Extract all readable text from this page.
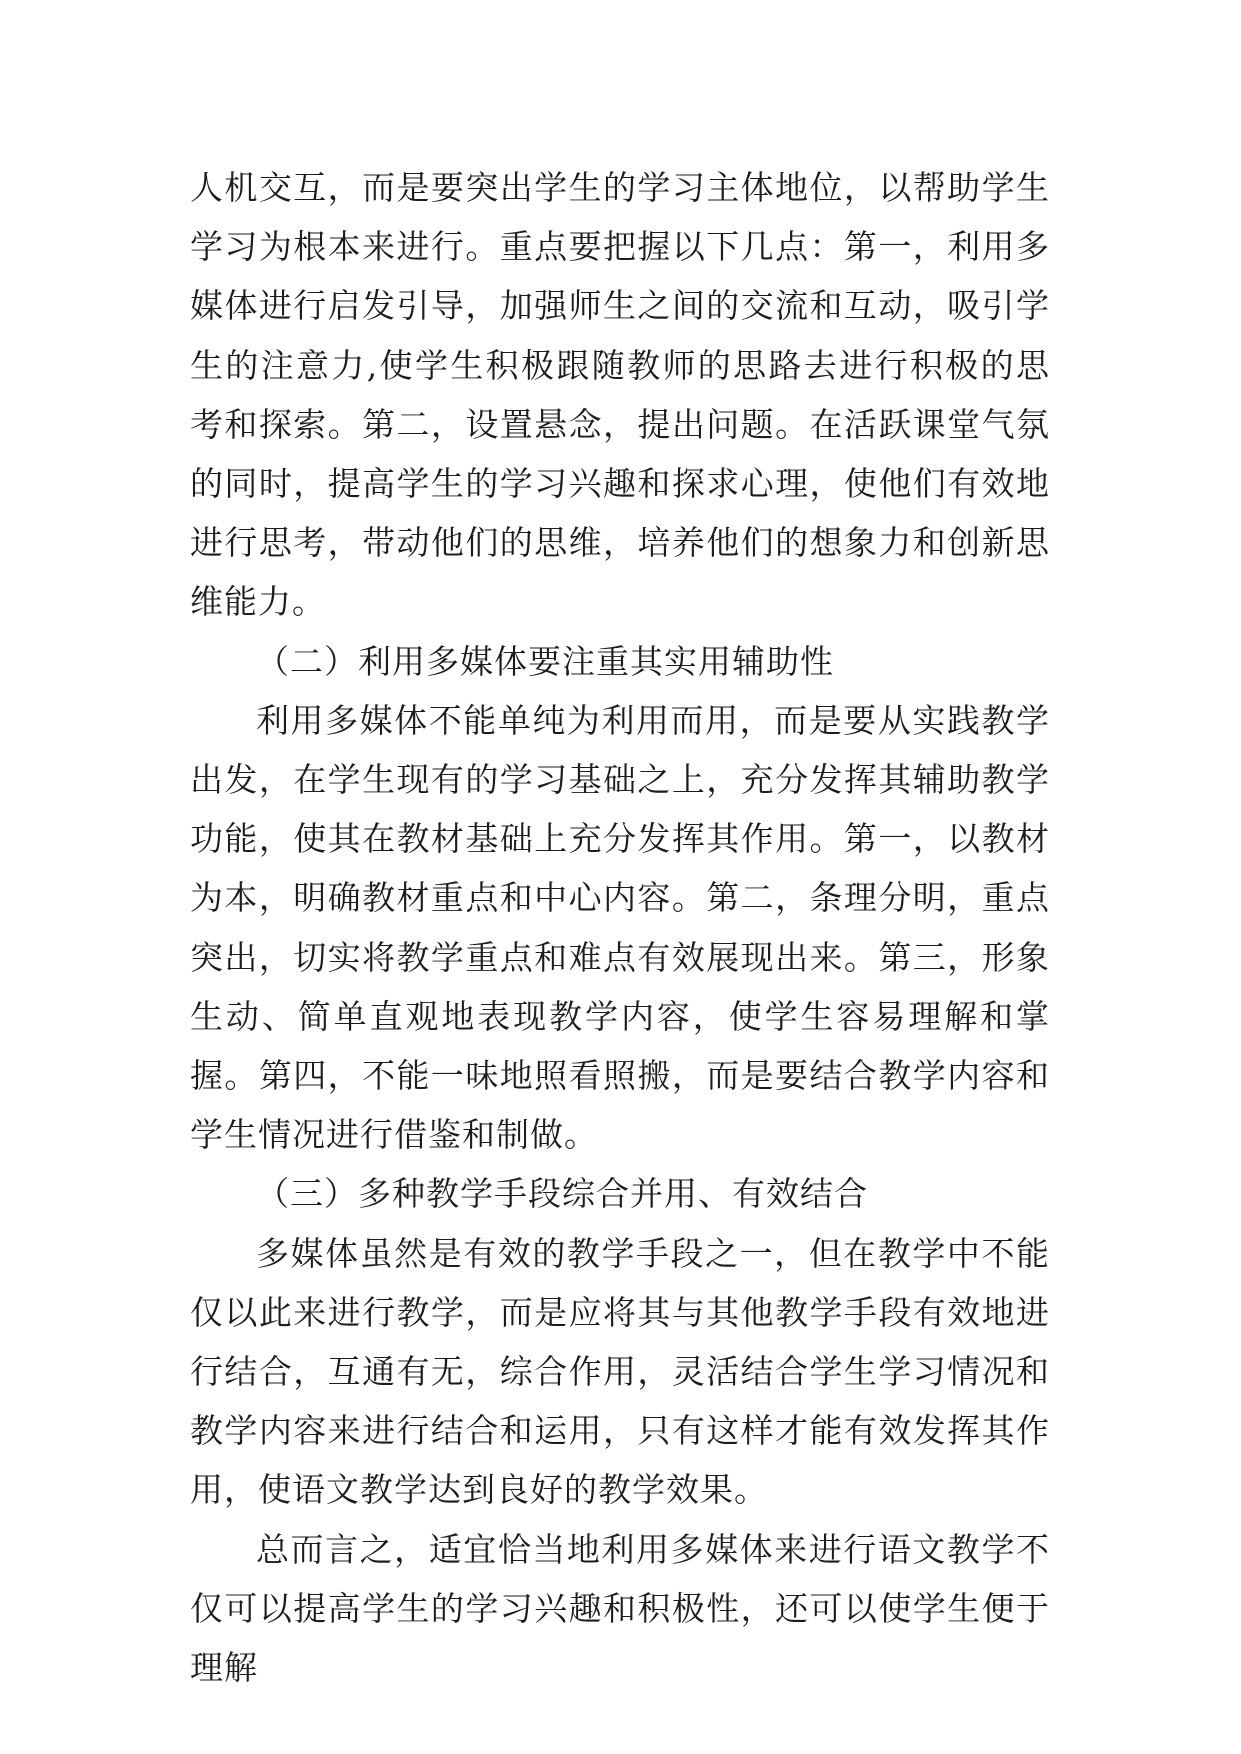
人机交互，而是要突出学生的学习主体地位，以帮助学生学习为根本来进行。重点要把握以下几点：第一，利用多媒体进行启发引导，加强师生之间的交流和互动，吸引学生的注意力,使学生积极跟随教师的思路去进行积极的思考和探索。第二，设置悬念，提出问题。在活跃课堂气氛的同时，提高学生的学习兴趣和探求心理，使他们有效地进行思考，带动他们的思维，培养他们的想象力和创新思维能力。

（二）利用多媒体要注重其实用辅助性

利用多媒体不能单纯为利用而用，而是要从实践教学出发，在学生现有的学习基础之上，充分发挥其辅助教学功能，使其在教材基础上充分发挥其作用。第一，以教材为本，明确教材重点和中心内容。第二，条理分明，重点突出，切实将教学重点和难点有效展现出来。第三，形象生动、简单直观地表现教学内容，使学生容易理解和掌握。第四，不能一味地照看照搬，而是要结合教学内容和学生情况进行借鉴和制做。

（三）多种教学手段综合并用、有效结合

多媒体虽然是有效的教学手段之一，但在教学中不能仅以此来进行教学，而是应将其与其他教学手段有效地进行结合，互通有无，综合作用，灵活结合学生学习情况和教学内容来进行结合和运用，只有这样才能有效发挥其作用，使语文教学达到良好的教学效果。

总而言之，适宜恰当地利用多媒体来进行语文教学不仅可以提高学生的学习兴趣和积极性，还可以使学生便于理解
